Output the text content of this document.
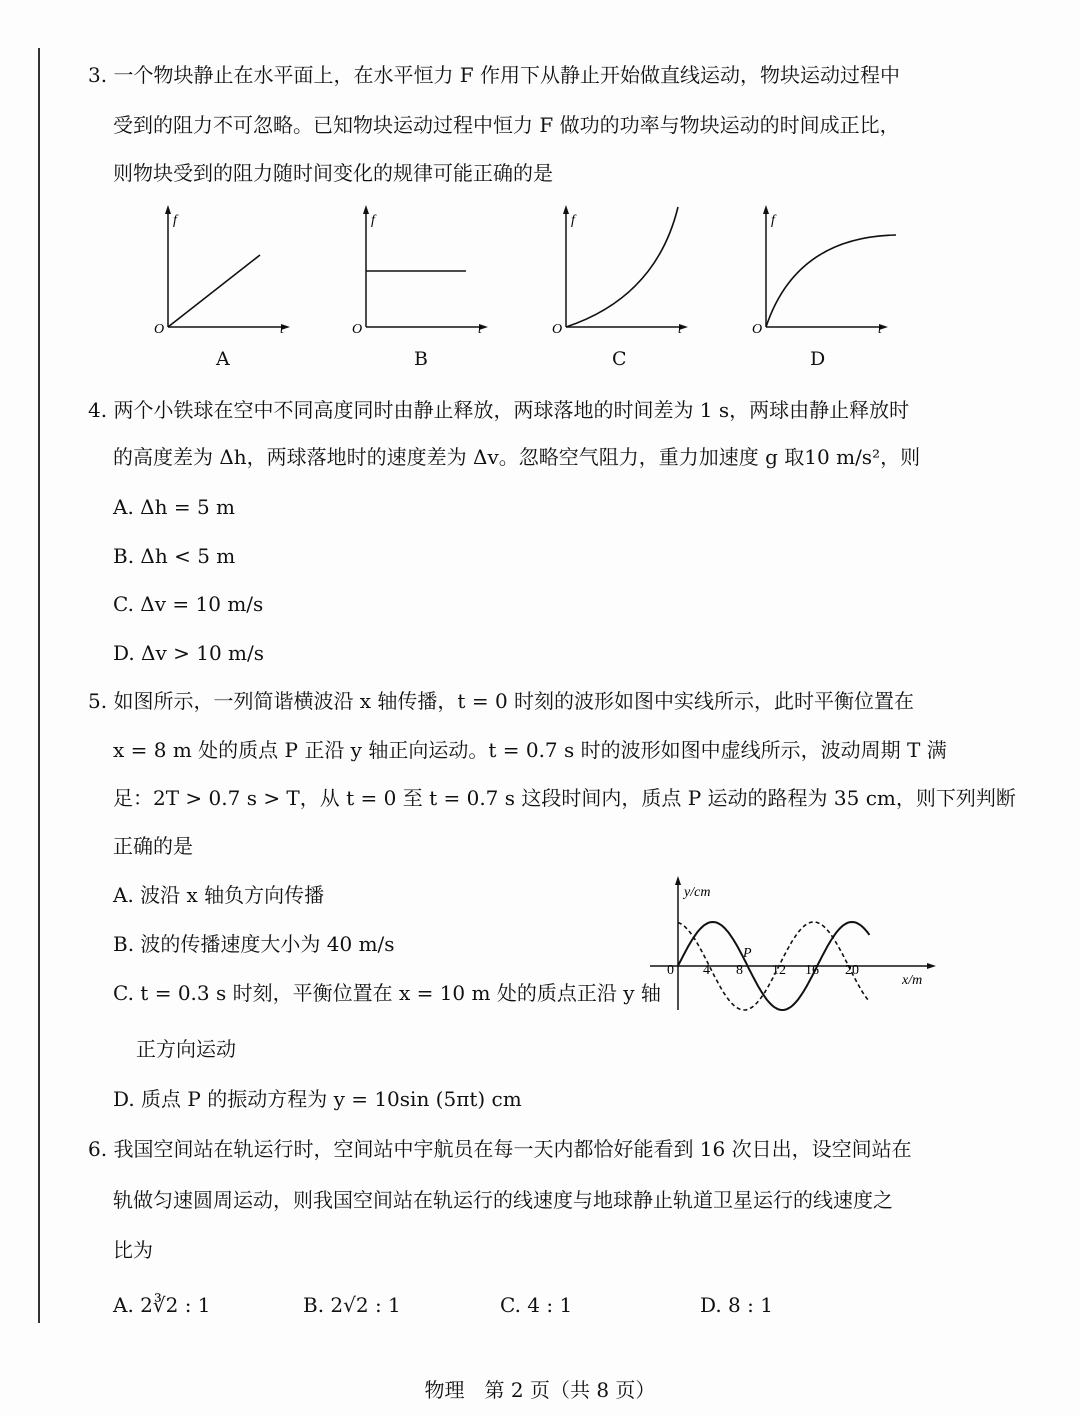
3. 一个物块静止在水平面上，在水平恒力 F 作用下从静止开始做直线运动，物块运动过程中
受到的阻力不可忽略。已知物块运动过程中恒力 F 做功的功率与物块运动的时间成正比，
则物块受到的阻力随时间变化的规律可能正确的是
f
t
O
f
t
O
f
t
O
f
t
O
A	B	C	D
4. 两个小铁球在空中不同高度同时由静止释放，两球落地的时间差为 1 s，两球由静止释放时
的高度差为 Δh，两球落地时的速度差为 Δv。忽略空气阻力，重力加速度 g 取10 m/s²，则
A. Δh = 5 m
B. Δh < 5 m
C. Δv = 10 m/s
D. Δv > 10 m/s
5. 如图所示，一列简谐横波沿 x 轴传播，t = 0 时刻的波形如图中实线所示，此时平衡位置在
x = 8 m 处的质点 P 正沿 y 轴正向运动。t = 0.7 s 时的波形如图中虚线所示，波动周期 T 满
足：2T > 0.7 s > T，从 t = 0 至 t = 0.7 s 这段时间内，质点 P 运动的路程为 35 cm，则下列判断
正确的是
A. 波沿 x 轴负方向传播
B. 波的传播速度大小为 40 m/s
C. t = 0.3 s 时刻，平衡位置在 x = 10 m 处的质点正沿 y 轴
正方向运动
D. 质点 P 的振动方程为 y = 10sin (5πt) cm
y/cm
x/m
0 4 8 12 16 20
P
6. 我国空间站在轨运行时，空间站中宇航员在每一天内都恰好能看到 16 次日出，设空间站在
轨做匀速圆周运动，则我国空间站在轨运行的线速度与地球静止轨道卫星运行的线速度之
比为
A. 2∛2 : 1	B. 2√2 : 1	C. 4 : 1	D. 8 : 1
物理　第 2 页（共 8 页）
